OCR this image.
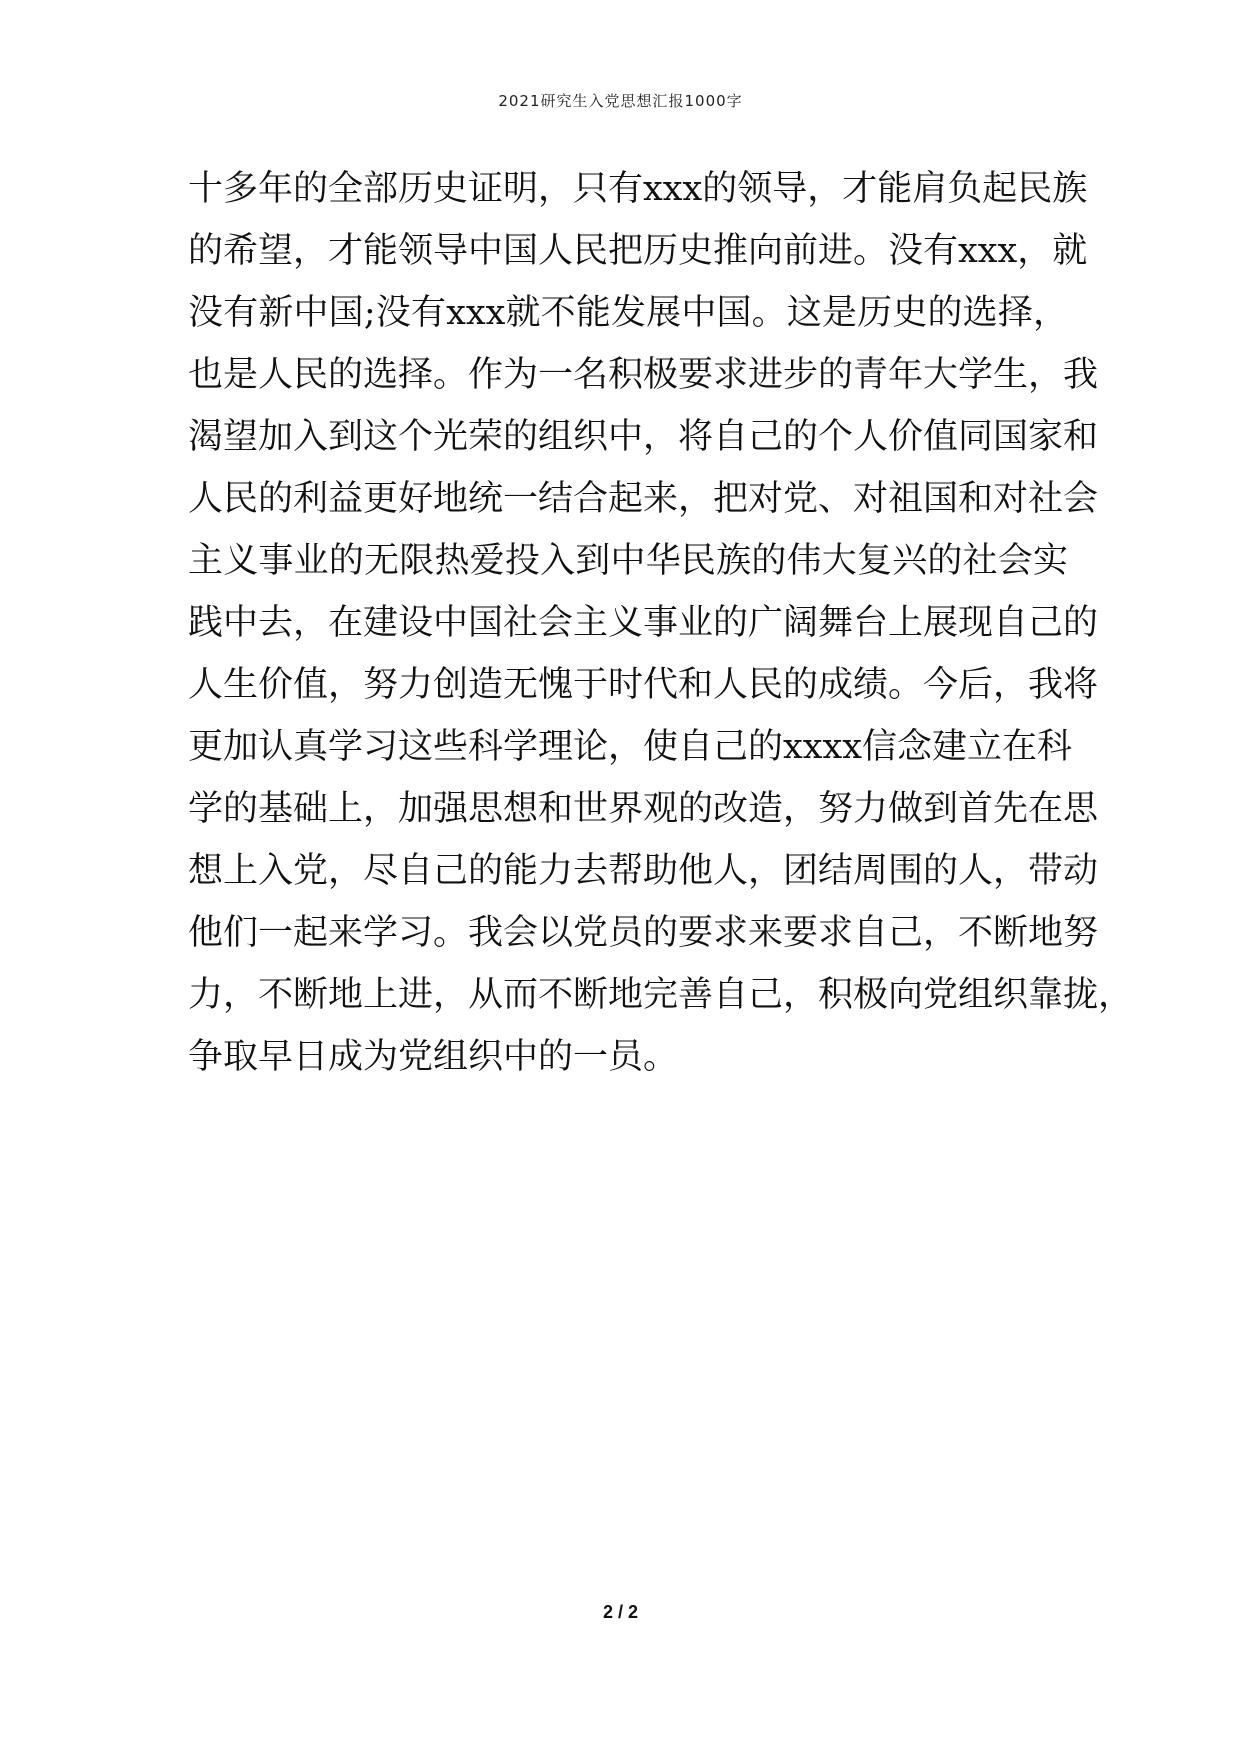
2021研究生入党思想汇报1000字
十多年的全部历史证明，只有xxx的领导，才能肩负起民族
的希望，才能领导中国人民把历史推向前进。没有xxx，就
没有新中国;没有xxx就不能发展中国。这是历史的选择，
也是人民的选择。作为一名积极要求进步的青年大学生，我
渴望加入到这个光荣的组织中，将自己的个人价值同国家和
人民的利益更好地统一结合起来，把对党、对祖国和对社会
主义事业的无限热爱投入到中华民族的伟大复兴的社会实
践中去，在建设中国社会主义事业的广阔舞台上展现自己的
人生价值，努力创造无愧于时代和人民的成绩。今后，我将
更加认真学习这些科学理论，使自己的xxxx信念建立在科
学的基础上，加强思想和世界观的改造，努力做到首先在思
想上入党，尽自己的能力去帮助他人，团结周围的人，带动
他们一起来学习。我会以党员的要求来要求自己，不断地努
力，不断地上进，从而不断地完善自己，积极向党组织靠拢，
争取早日成为党组织中的一员。
2 / 2
